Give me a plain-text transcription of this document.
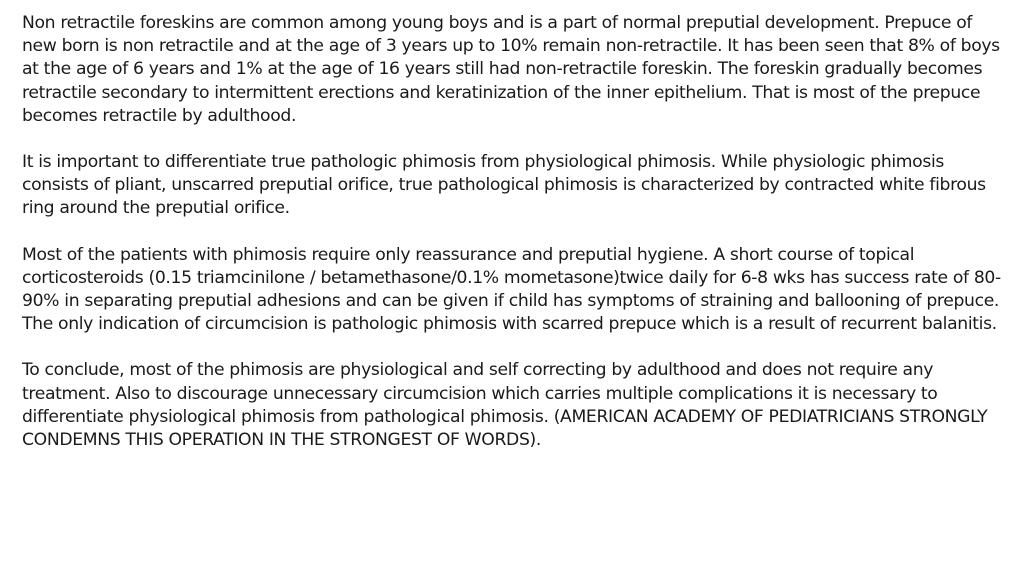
Non retractile foreskins are common among young boys and is a part of normal preputial development. Prepuce of new born is non retractile and at the age of 3 years up to 10% remain non-retractile. It has been seen that 8% of boys at the age of 6 years and 1% at the age of 16 years still had non-retractile foreskin. The foreskin gradually becomes retractile secondary to intermittent erections and keratinization of the inner epithelium. That is most of the prepuce becomes retractile by adulthood.

It is important to differentiate true pathologic phimosis from physiological phimosis. While physiologic phimosis consists of pliant, unscarred preputial orifice, true pathological phimosis is characterized by contracted white fibrous ring around the preputial orifice.

Most of the patients with phimosis require only reassurance and preputial hygiene. A short course of topical corticosteroids (0.15 triamcinilone / betamethasone/0.1% mometasone)twice daily for 6-8 wks has success rate of 80-90% in separating preputial adhesions and can be given if child has symptoms of straining and ballooning of prepuce. The only indication of circumcision is pathologic phimosis with scarred prepuce which is a result of recurrent balanitis.

To conclude, most of the phimosis are physiological and self correcting by adulthood and does not require any treatment. Also to discourage unnecessary circumcision which carries multiple complications it is necessary to differentiate physiological phimosis from pathological phimosis. (AMERICAN ACADEMY OF PEDIATRICIANS STRONGLY CONDEMNS THIS OPERATION IN THE STRONGEST OF WORDS).
